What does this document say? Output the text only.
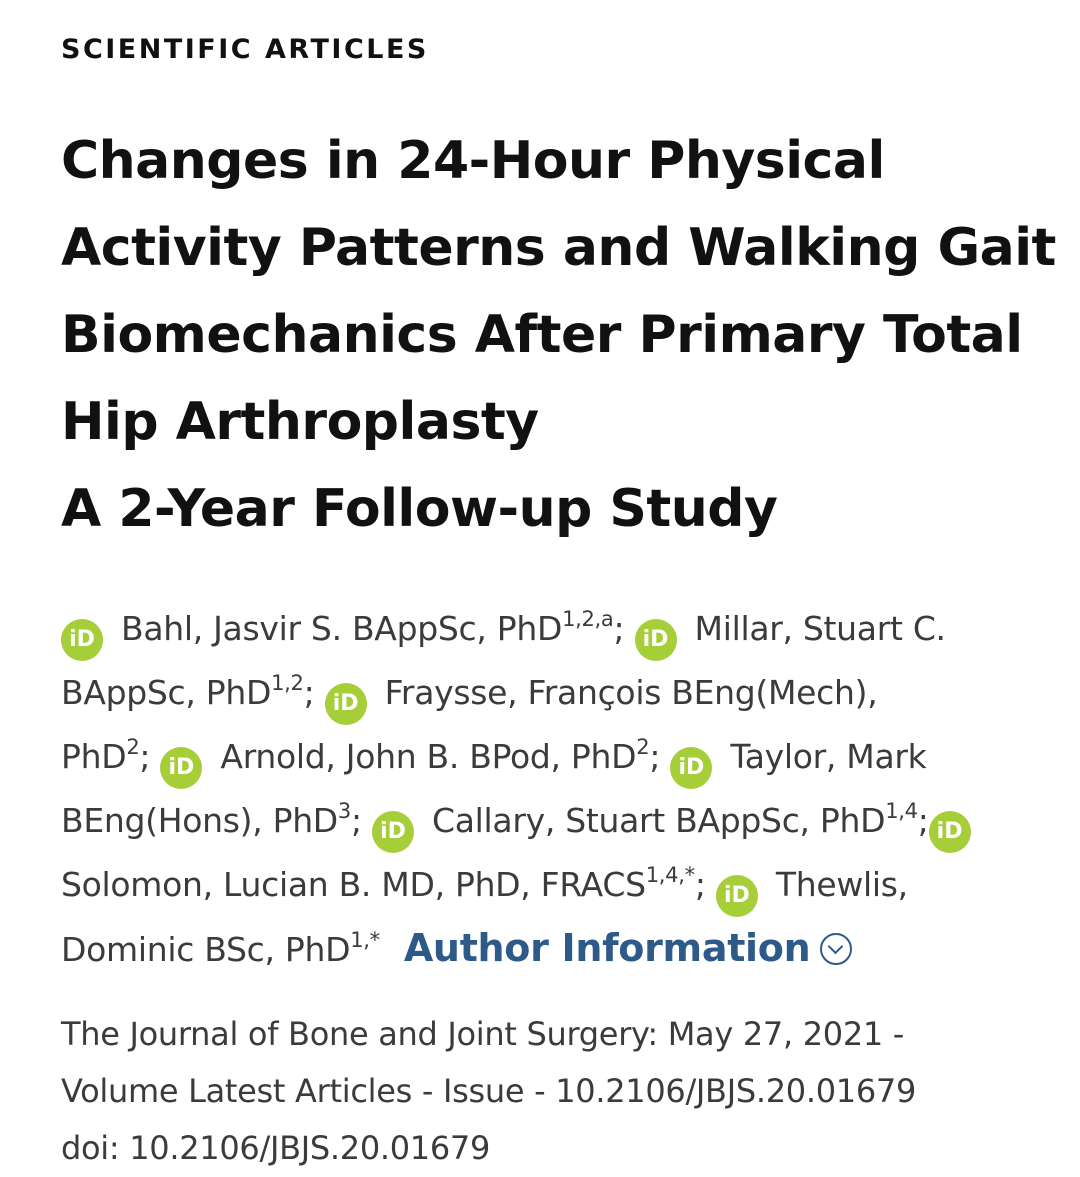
SCIENTIFIC ARTICLES
Changes in 24-Hour Physical
Activity Patterns and Walking Gait
Biomechanics After Primary Total
Hip Arthroplasty
A 2-Year Follow-up Study
iD Bahl, Jasvir S. BAppSc, PhD$^{1,2,a}$; iD Millar, Stuart C.
BAppSc, PhD$^{1,2}$; iD Fraysse, François BEng(Mech),
PhD$^2$; iD Arnold, John B. BPod, PhD$^2$; iD Taylor, Mark
BEng(Hons), PhD$^3$; iD Callary, Stuart BAppSc, PhD$^{1,4}$; iD
Solomon, Lucian B. MD, PhD, $FRACS^{1,4,*}$; iD Thewlis,
Dominic BSc, PhD$^{1,*}$ Author Information
The Journal of Bone and Joint Surgery: May 27, 2021 -
Volume Latest Articles - Issue - 10.2106/JBJS.20.01679
doi: 10.2106/JBJS.20.01679
